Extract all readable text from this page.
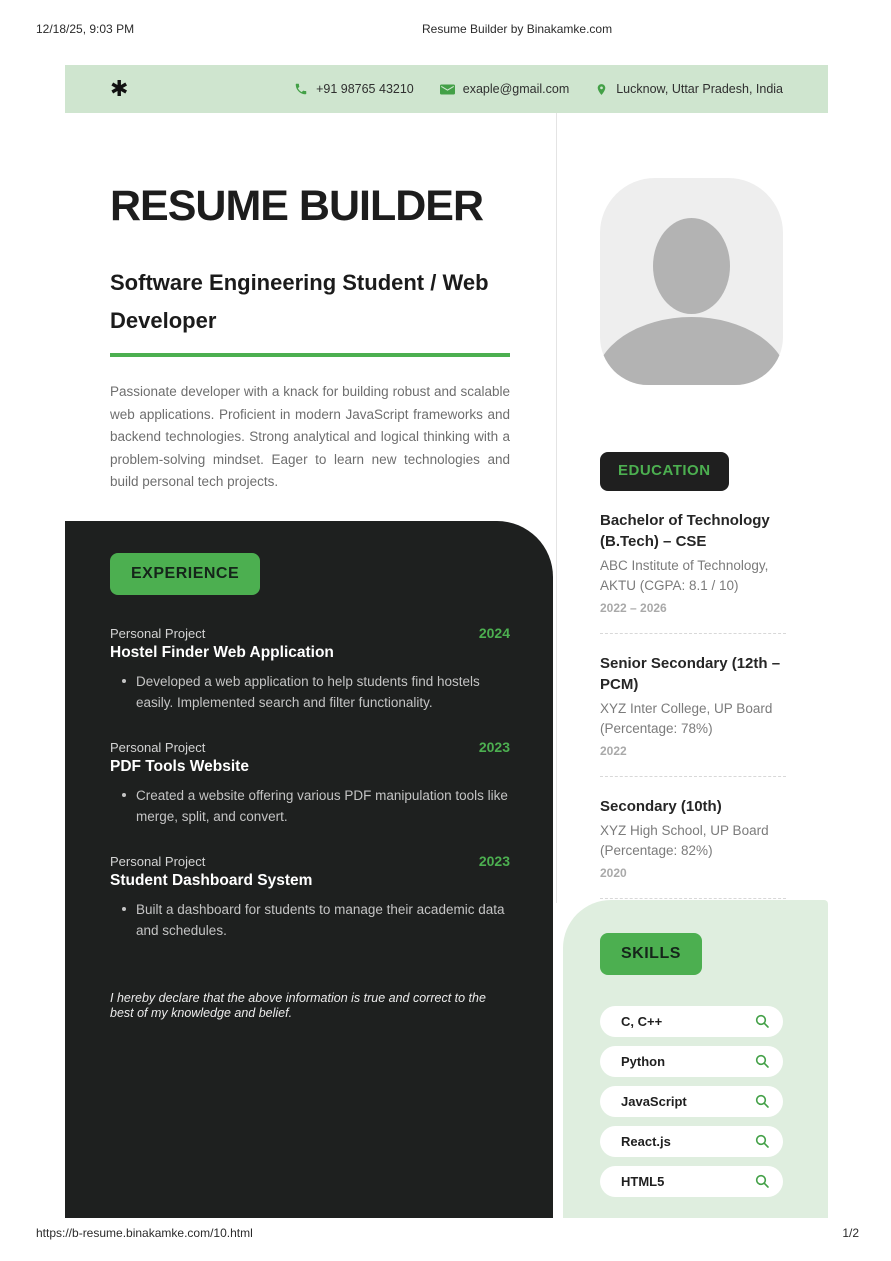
12/18/25, 9:03 PM	Resume Builder by Binakamke.com
✱	+91 98765 43210	exaple@gmail.com	Lucknow, Uttar Pradesh, India
RESUME BUILDER
Software Engineering Student / Web Developer

Passionate developer with a knack for building robust and scalable web applications. Proficient in modern JavaScript frameworks and backend technologies. Strong analytical and logical thinking with a problem-solving mindset. Eager to learn new technologies and build personal tech projects.

EXPERIENCE
Personal Project	2024
Hostel Finder Web Application
Developed a web application to help students find hostels easily. Implemented search and filter functionality.
Personal Project	2023
PDF Tools Website
Created a website offering various PDF manipulation tools like merge, split, and convert.
Personal Project	2023
Student Dashboard System
Built a dashboard for students to manage their academic data and schedules.
I hereby declare that the above information is true and correct to the best of my knowledge and belief.
EDUCATION
Bachelor of Technology (B.Tech) – CSE
ABC Institute of Technology, AKTU (CGPA: 8.1 / 10)
2022 – 2026
Senior Secondary (12th – PCM)
XYZ Inter College, UP Board (Percentage: 78%)
2022
Secondary (10th)
XYZ High School, UP Board (Percentage: 82%)
2020
SKILLS
C, C++
Python
JavaScript
React.js
HTML5
https://b-resume.binakamke.com/10.html	1/2
